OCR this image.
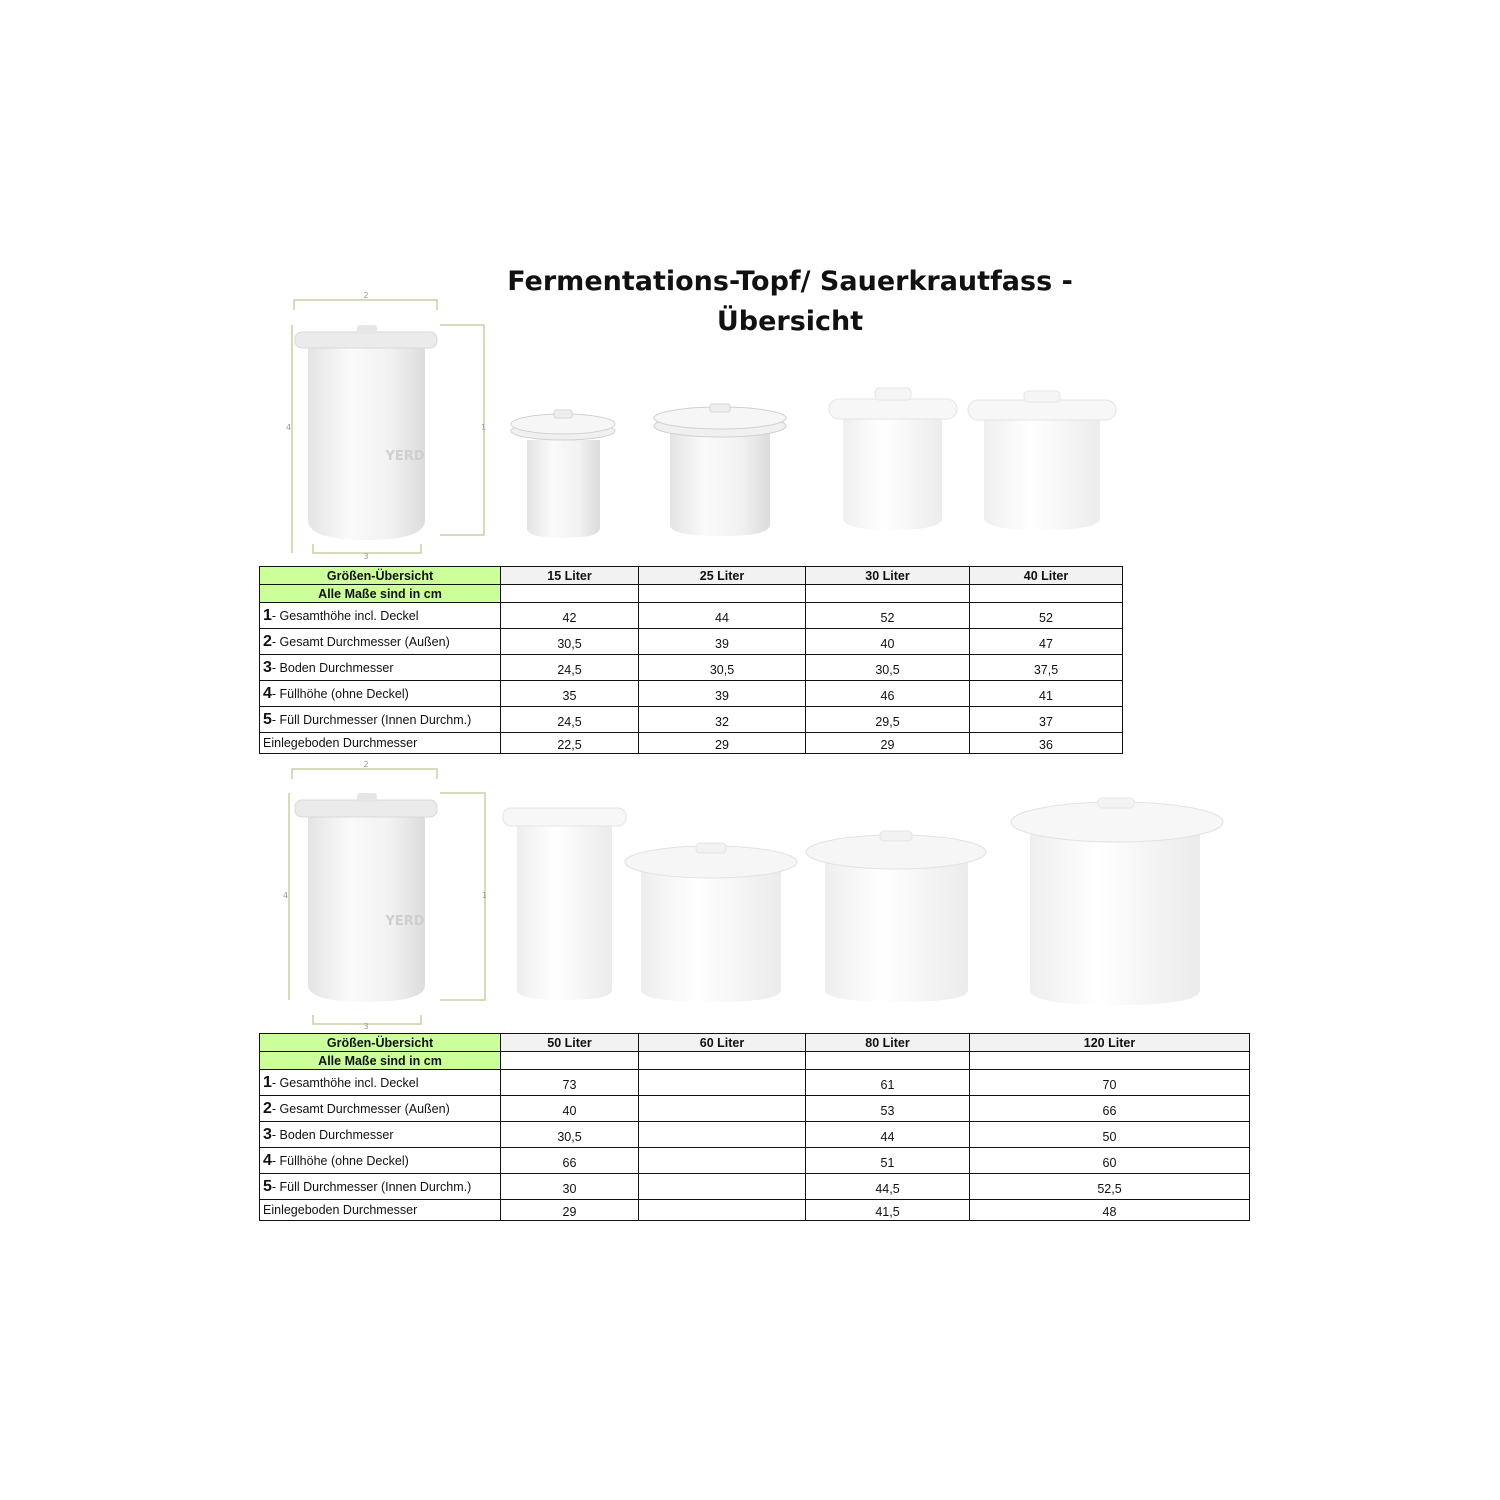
Fermentations-Topf/ Sauerkrautfass -
Übersicht
2
3
4	1
YERD
Größen-Übersicht	15 Liter	25 Liter	30 Liter	40 Liter
Alle Maße sind in cm				
1- Gesamthöhe incl. Deckel	42	44	52	52
2- Gesamt Durchmesser (Außen)	30,5	39	40	47
3- Boden Durchmesser	24,5	30,5	30,5	37,5
4- Füllhöhe (ohne Deckel)	35	39	46	41
5- Füll Durchmesser (Innen Durchm.)	24,5	32	29,5	37
Einlegeboden Durchmesser	22,5	29	29	36
2
3
4	1
YERD
Größen-Übersicht	50 Liter	60 Liter	80 Liter	120 Liter
Alle Maße sind in cm				
1- Gesamthöhe incl. Deckel	73		61	70
2- Gesamt Durchmesser (Außen)	40		53	66
3- Boden Durchmesser	30,5		44	50
4- Füllhöhe (ohne Deckel)	66		51	60
5- Füll Durchmesser (Innen Durchm.)	30		44,5	52,5
Einlegeboden Durchmesser	29		41,5	48
